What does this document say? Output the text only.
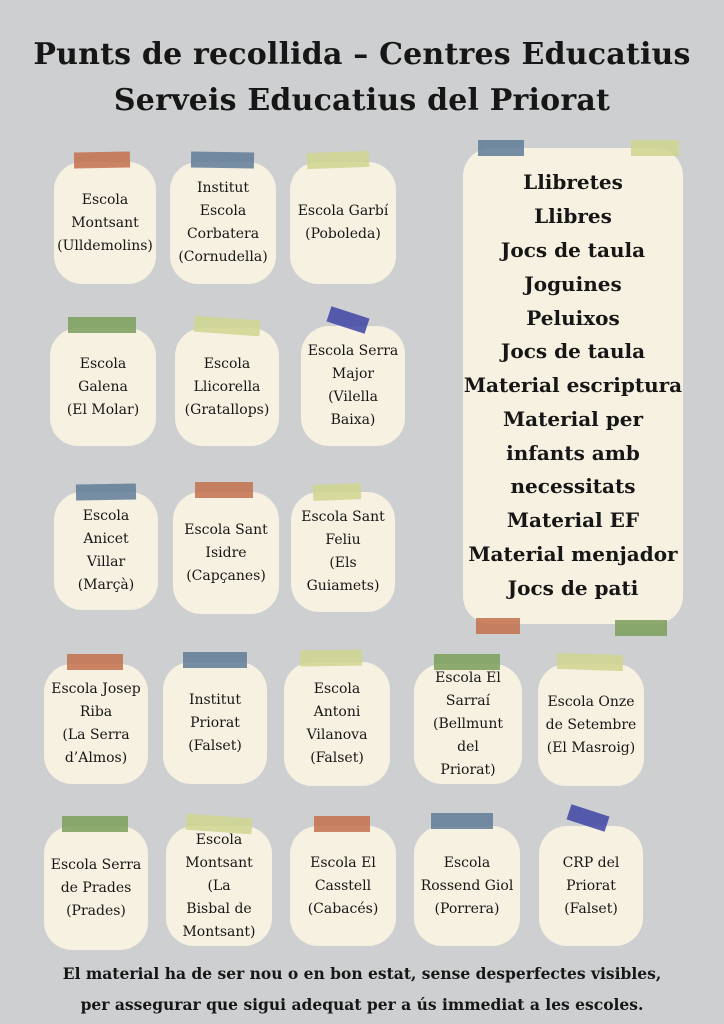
Punts de recollida – Centres Educatius
Serveis Educatius del Priorat
Escola
Montsant
(Ulldemolins)
Institut
Escola
Corbatera
(Cornudella)
Escola Garbí
(Poboleda)
Escola
Galena
(El Molar)
Escola
Llicorella
(Gratallops)
Escola Serra
Major
(Vilella
Baixa)
Escola Anicet
Villar
(Marçà)
Escola Sant
Isidre
(Capçanes)
Escola Sant
Feliu
(Els
Guiamets)
Llibretes
Llibres
Jocs de taula
Joguines
Peluixos
Jocs de taula
Material escriptura
Material per
infants amb
necessitats
Material EF
Material menjador
Jocs de pati
Escola Josep
Riba
(La Serra
d’Almos)
Institut
Priorat
(Falset)
Escola
Antoni
Vilanova
(Falset)
Escola El
Sarraí
(Bellmunt del
Priorat)
Escola Onze
de Setembre
(El Masroig)
Escola Serra
de Prades
(Prades)
Escola
Montsant (La
Bisbal de
Montsant)
Escola El
Casstell
(Cabacés)
Escola
Rossend Giol
(Porrera)
CRP del
Priorat
(Falset)
El material ha de ser nou o en bon estat, sense desperfectes visibles,
per assegurar que sigui adequat per a ús immediat a les escoles.
